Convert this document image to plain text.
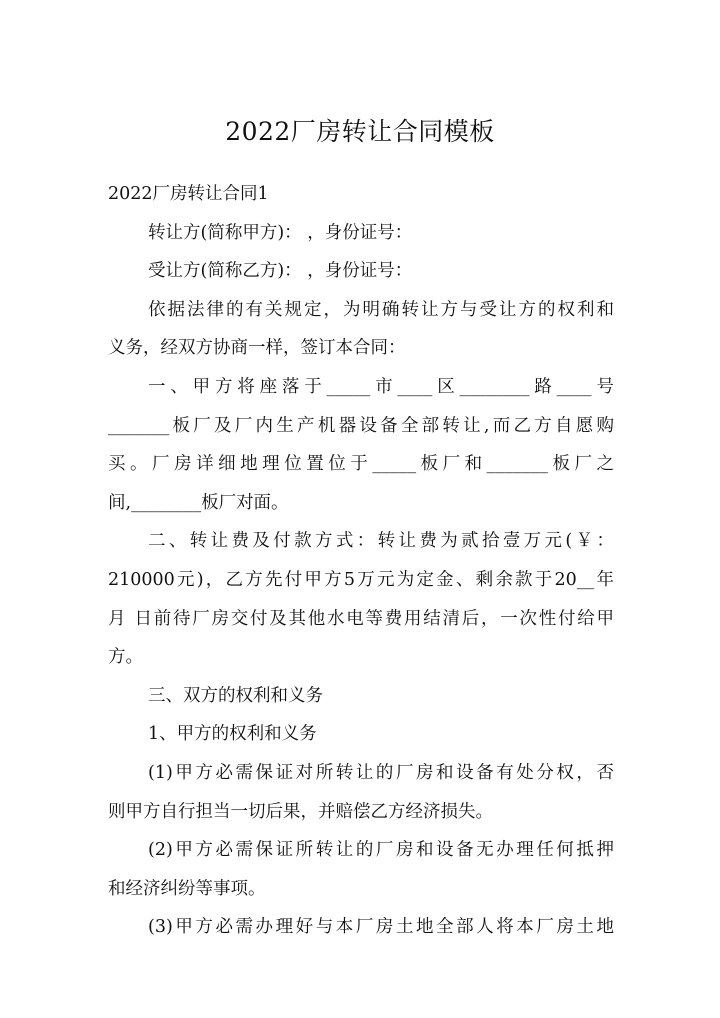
2022厂房转让合同模板

2022厂房转让合同1

转让方(简称甲方)： ，身份证号：

受让方(简称乙方)： ，身份证号：

依据法律的有关规定，为明确转让方与受让方的权利和
义务，经双方协商一样，签订本合同：

一、甲方将座落于_____市____区________路____号
_______板厂及厂内生产机器设备全部转让,而乙方自愿购
买。厂房详细地理位置位于_____板厂和_______板厂之
间,________板厂对面。

二、转让费及付款方式：转让费为贰拾壹万元(￥：
210000元)，乙方先付甲方5万元为定金、剩余款于20__年
月 日前待厂房交付及其他水电等费用结清后，一次性付给甲
方。

三、双方的权利和义务

1、甲方的权利和义务

(1)甲方必需保证对所转让的厂房和设备有处分权，否
则甲方自行担当一切后果，并赔偿乙方经济损失。

(2)甲方必需保证所转让的厂房和设备无办理任何抵押
和经济纠纷等事项。

(3)甲方必需办理好与本厂房土地全部人将本厂房土地
